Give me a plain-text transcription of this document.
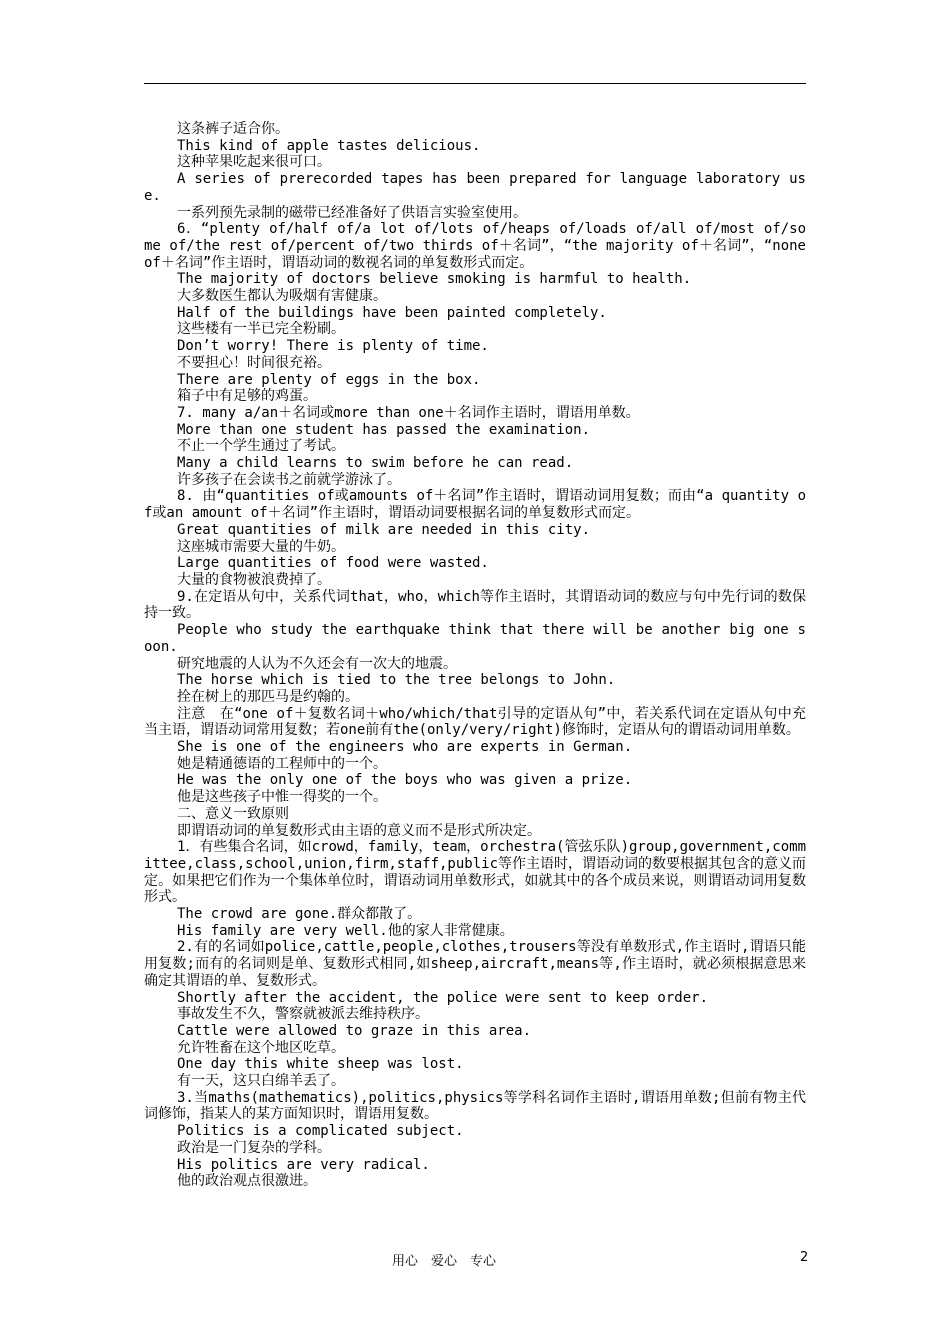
这条裤子适合你。

This kind of apple tastes delicious.

这种苹果吃起来很可口。

A series of prerecorded tapes has been prepared for language laboratory use.

一系列预先录制的磁带已经准备好了供语言实验室使用。

6．“plenty of/half of/a lot of/lots of/heaps of/loads of/all of/most of/some of/the rest of/percent of/two thirds of＋名词”，“the majority of＋名词”，“none of＋名词”作主语时，谓语动词的数视名词的单复数形式而定。

The majority of doctors believe smoking is harmful to health.

大多数医生都认为吸烟有害健康。

Half of the buildings have been painted completely.

这些楼有一半已完全粉刷。

Don’t worry! There is plenty of time.

不要担心！时间很充裕。

There are plenty of eggs in the box.

箱子中有足够的鸡蛋。

7. many a/an＋名词或more than one＋名词作主语时，谓语用单数。

More than one student has passed the examination.

不止一个学生通过了考试。

Many a child learns to swim before he can read.

许多孩子在会读书之前就学游泳了。

8. 由“quantities of或amounts of＋名词”作主语时，谓语动词用复数；而由“a quantity of或an amount of＋名词”作主语时，谓语动词要根据名词的单复数形式而定。

Great quantities of milk are needed in this city.

这座城市需要大量的牛奶。

Large quantities of food were wasted.

大量的食物被浪费掉了。

9.在定语从句中，关系代词that，who，which等作主语时，其谓语动词的数应与句中先行词的数保持一致。

People who study the earthquake think that there will be another big one soon.

研究地震的人认为不久还会有一次大的地震。

The horse which is tied to the tree belongs to John.

拴在树上的那匹马是约翰的。

注意　在“one of＋复数名词＋who/which/that引导的定语从句”中，若关系代词在定语从句中充当主语，谓语动词常用复数；若one前有the(only/very/right)修饰时，定语从句的谓语动词用单数。

She is one of the engineers who are experts in German.

她是精通德语的工程师中的一个。

He was the only one of the boys who was given a prize.

他是这些孩子中惟一得奖的一个。

二、意义一致原则

即谓语动词的单复数形式由主语的意义而不是形式所决定。

1．有些集合名词，如crowd，family，team，orchestra(管弦乐队)group,government,committee,class,school,union,firm,staff,public等作主语时，谓语动词的数要根据其包含的意义而定。如果把它们作为一个集体单位时，谓语动词用单数形式，如就其中的各个成员来说，则谓语动词用复数形式。

The crowd are gone.群众都散了。

His family are very well.他的家人非常健康。

2.有的名词如police,cattle,people,clothes,trousers等没有单数形式,作主语时,谓语只能用复数;而有的名词则是单、复数形式相同,如sheep,aircraft,means等,作主语时，就必须根据意思来确定其谓语的单、复数形式。

Shortly after the accident, the police were sent to keep order.

事故发生不久，警察就被派去维持秩序。

Cattle were allowed to graze in this area.

允许牲畜在这个地区吃草。

One day this white sheep was lost.

有一天，这只白绵羊丢了。

3.当maths(mathematics),politics,physics等学科名词作主语时,谓语用单数;但前有物主代词修饰，指某人的某方面知识时，谓语用复数。

Politics is a complicated subject.

政治是一门复杂的学科。

His politics are very radical.

他的政治观点很激进。

用心　爱心　专心	2
